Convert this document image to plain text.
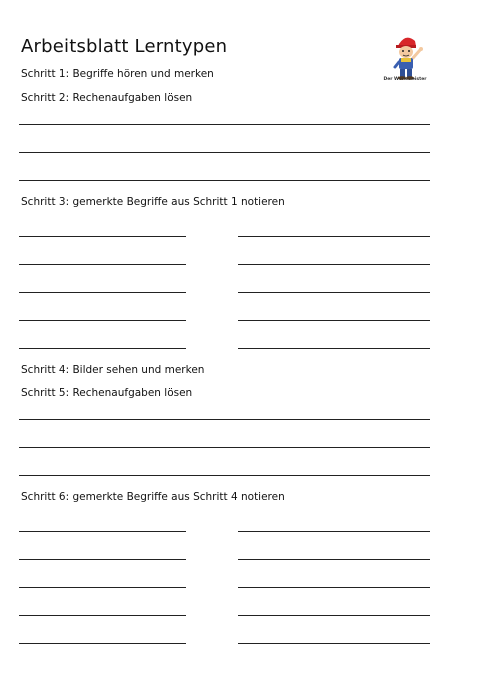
Arbeitsblatt Lerntypen
Der Werkmeister
Schritt 1: Begriffe hören und merken
Schritt 2: Rechenaufgaben lösen
Schritt 3: gemerkte Begriffe aus Schritt 1 notieren
Schritt 4: Bilder sehen und merken
Schritt 5: Rechenaufgaben lösen
Schritt 6: gemerkte Begriffe aus Schritt 4 notieren
